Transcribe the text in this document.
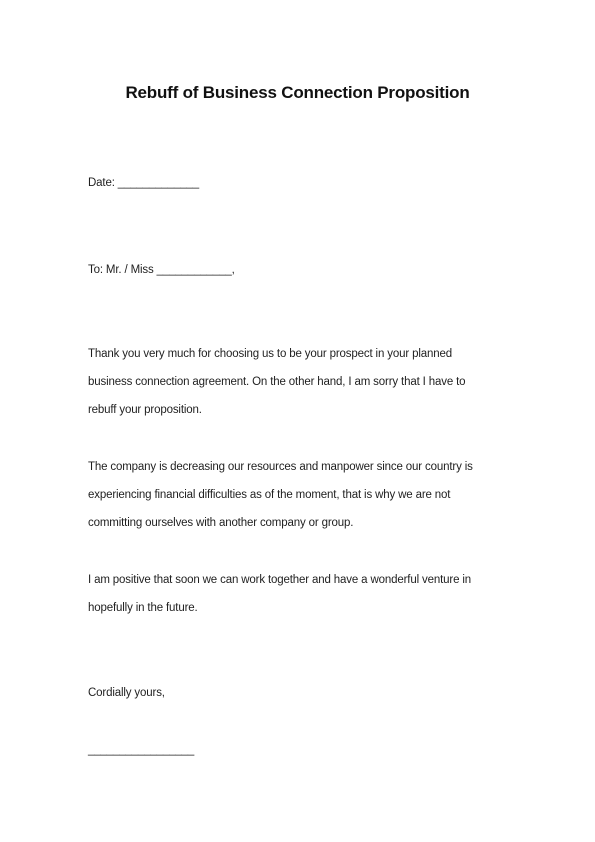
Rebuff of Business Connection Proposition
Date: _____________
To: Mr. / Miss ____________,
Thank you very much for choosing us to be your prospect in your planned
business connection agreement. On the other hand, I am sorry that I have to
rebuff your proposition.
The company is decreasing our resources and manpower since our country is
experiencing financial difficulties as of the moment, that is why we are not
committing ourselves with another company or group.
I am positive that soon we can work together and have a wonderful venture in
hopefully in the future.
Cordially yours,
_________________
